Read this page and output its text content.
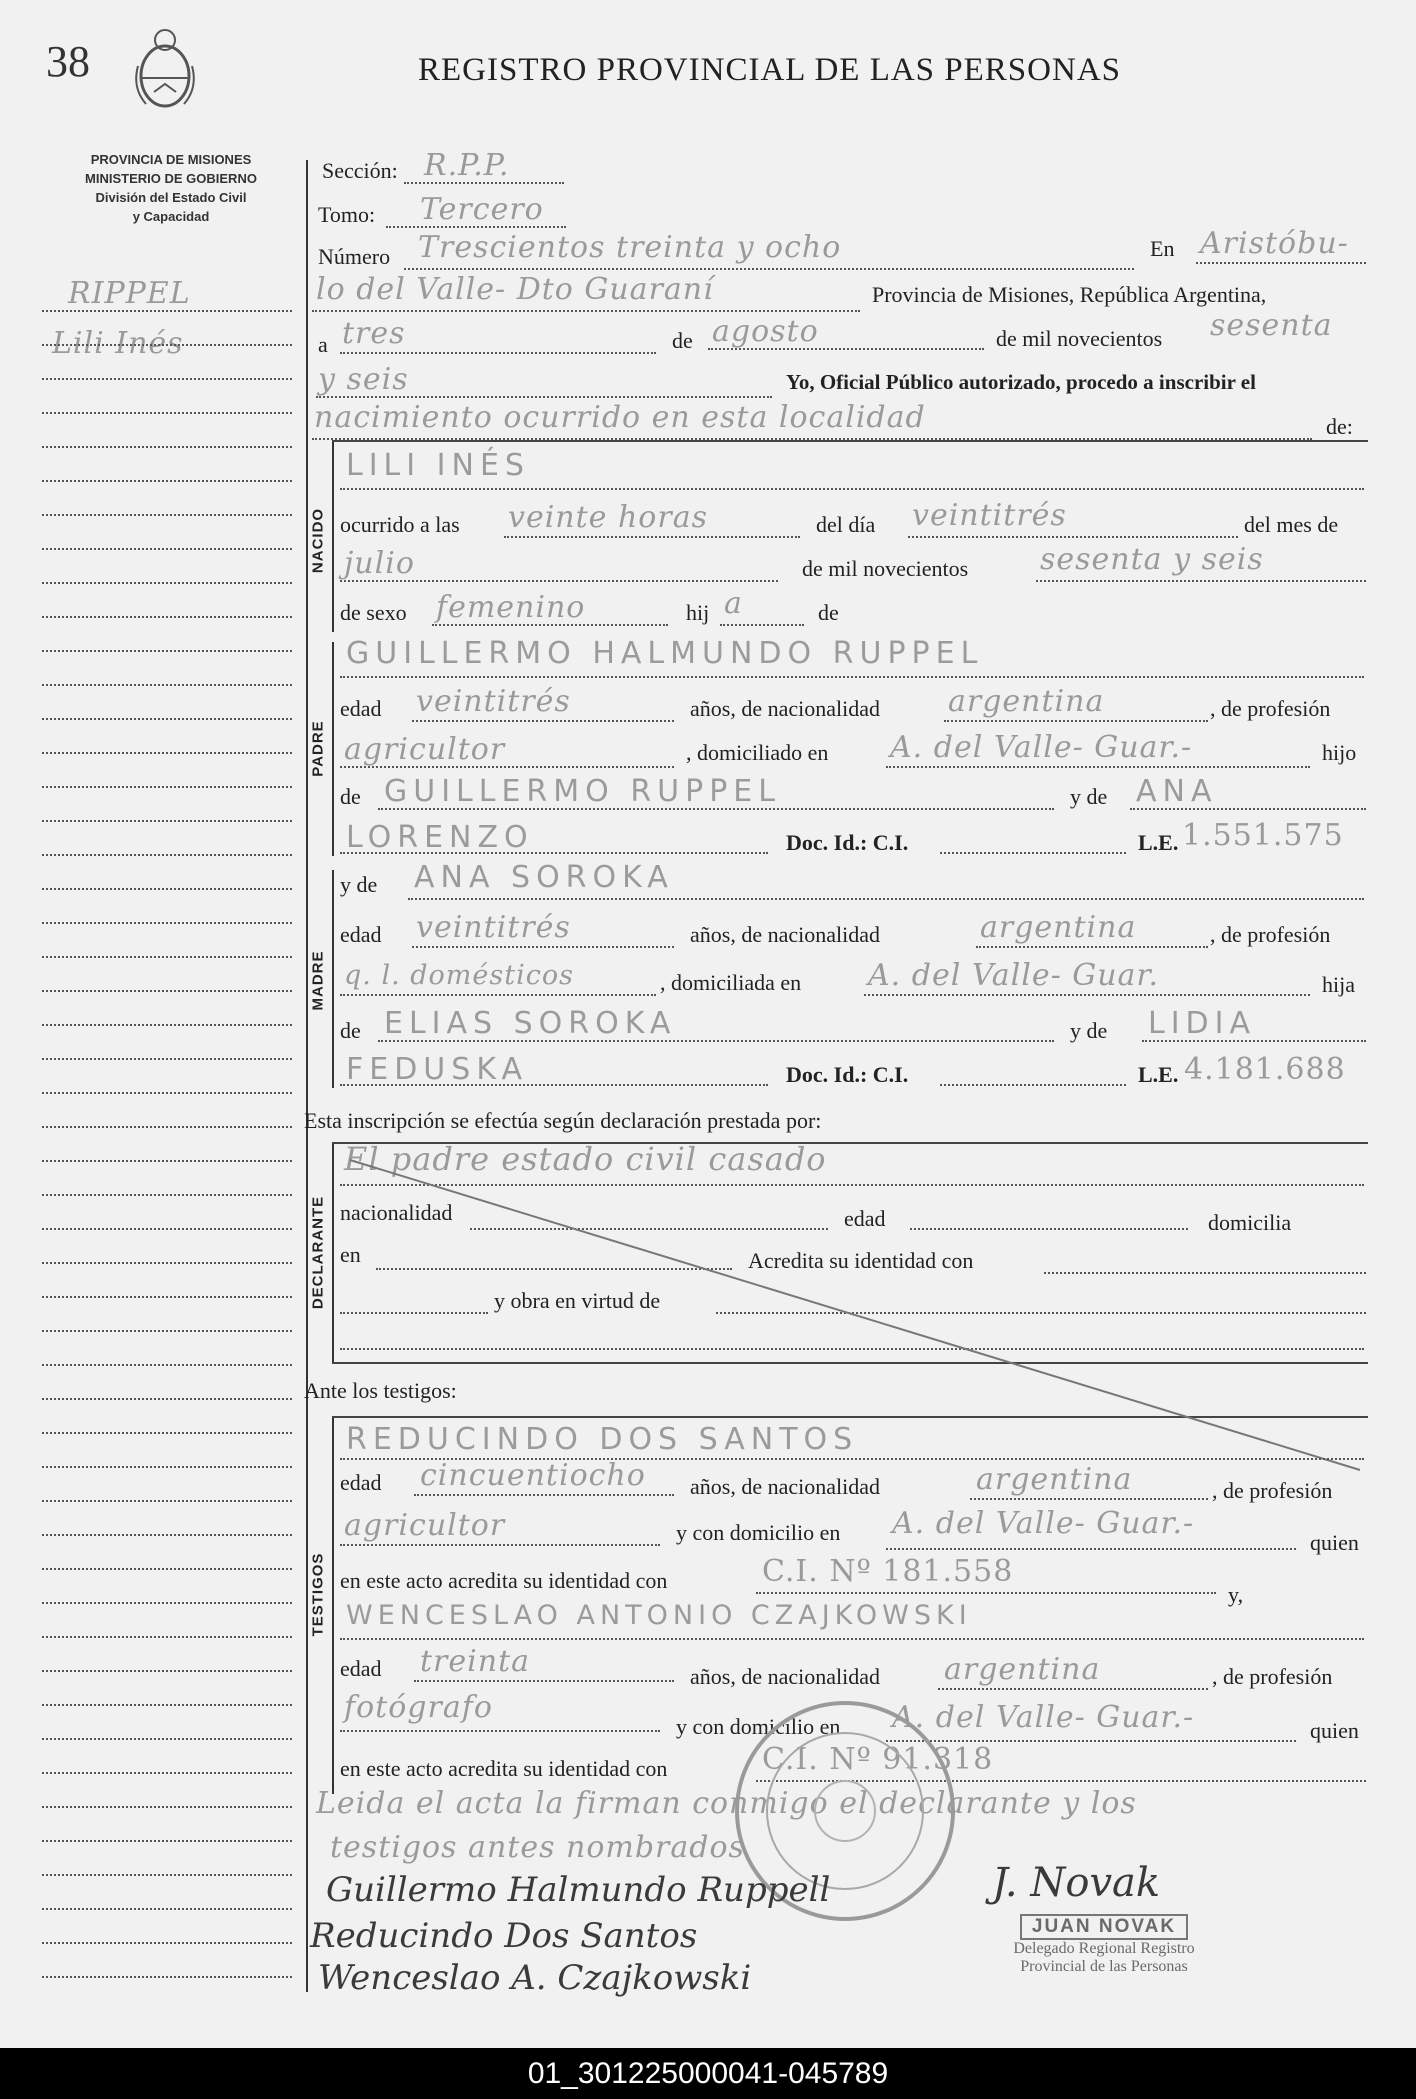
38	REGISTRO PROVINCIAL DE LAS PERSONAS
PROVINCIA DE MISIONES
MINISTERIO DE GOBIERNO
División del Estado Civil
y Capacidad
RIPPEL
Lili Inés
NACIDO
PADRE
MADRE
DECLARANTE
TESTIGOS
Sección: R.P.P.
Tomo: Tercero
Número Trescientos treinta y ocho	En Aristóbu-
lo del Valle- Dto Guaraní	Provincia de Misiones, República Argentina,
a tres	de agosto	de mil novecientos sesenta
y seis	Yo, Oficial Público autorizado, procedo a inscribir el
nacimiento ocurrido en esta localidad	de:
LILI INÉS
ocurrido a las veinte horas	del día veintitrés	del mes de
julio	de mil novecientos sesenta y seis
de sexo femenino	hij a	de
GUILLERMO HALMUNDO RUPPEL
edad veintitrés	años, de nacionalidad argentina	, de profesión
agricultor	, domiciliado en A. del Valle- Guar.-	hijo
de GUILLERMO RUPPEL	y de ANA
LORENZO	Doc. Id.: C.I.	L.E. 1.551.575
y de ANA SOROKA
edad veintitrés	años, de nacionalidad	argentina	, de profesión
q. l. domésticos	, domiciliada en A. del Valle- Guar.	hija
de ELIAS SOROKA	y de LIDIA
FEDUSKA	Doc. Id.: C.I.	L.E. 4.181.688
Esta inscripción se efectúa según declaración prestada por:
El padre estado civil casado
nacionalidad	edad	domicilia
en	Acredita su identidad con
y obra en virtud de
Ante los testigos:
REDUCINDO DOS SANTOS
edad cincuentiocho años, de nacionalidad	argentina	, de profesión
agricultor	y con domicilio en A. del Valle- Guar.-
quien
en este acto acredita su identidad con	C.I. Nº 181.558
y,
WENCESLAO ANTONIO CZAJKOWSKI
edad treinta	años, de nacionalidad argentina	, de profesión
fotógrafo
y con domicilio en A. del Valle- Guar.-	quien
en este acto acredita su identidad con	C.I. Nº 91.318
Leida el acta la firman conmigo el declarante y los
testigos antes nombrados
Guillermo Halmundo Ruppell
Reducindo Dos Santos
Wenceslao A. Czajkowski
J. Novak
JUAN NOVAK
Delegado Regional Registro
Provincial de las Personas
01_301225000041-045789
